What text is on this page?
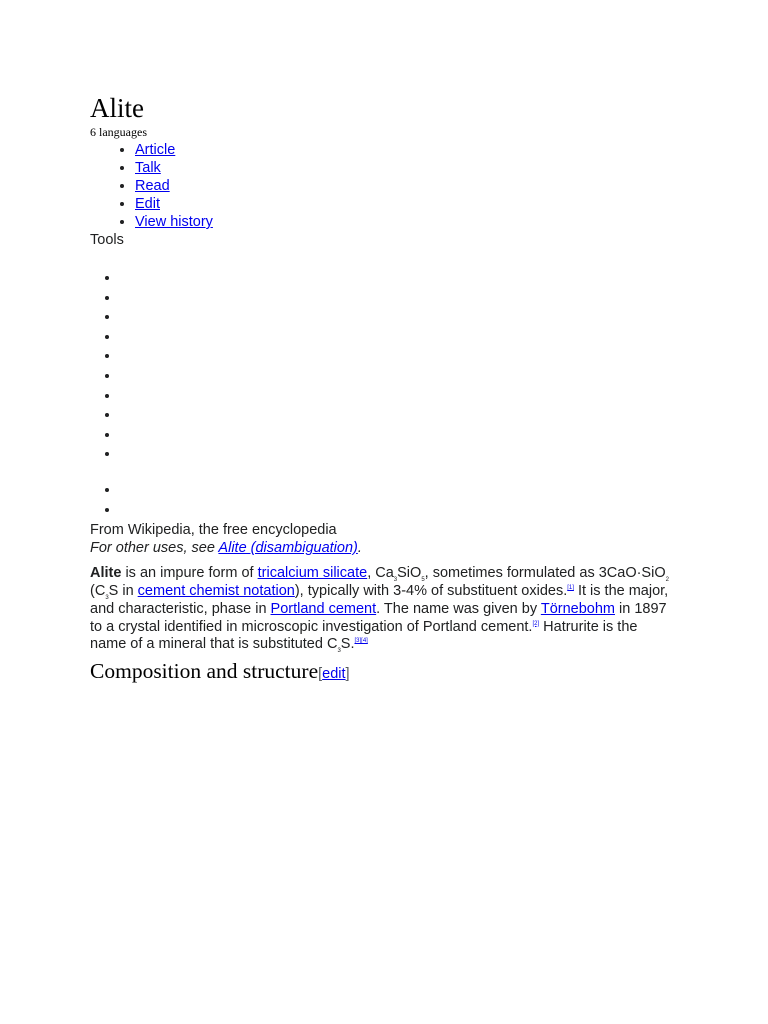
Alite
6 languages
• Article
• Talk
• Read
• Edit
• View history
Tools
•
•
•
•
•
•
•
•
•
•
•
•
From Wikipedia, the free encyclopedia
For other uses, see Alite (disambiguation).

Alite is an impure form of tricalcium silicate, $Ca_3SiO_5$, sometimes formulated as 3CaO·SiO$_2$ ($C_3S$ in cement chemist notation), typically with 3-4% of substituent oxides.[1] It is the major, and characteristic, phase in Portland cement. The name was given by Törnebohm in 1897 to a crystal identified in microscopic investigation of Portland cement.[2] Hatrurite is the name of a mineral that is substituted $C_3S.[3][4]$

Composition and structure[edit]
